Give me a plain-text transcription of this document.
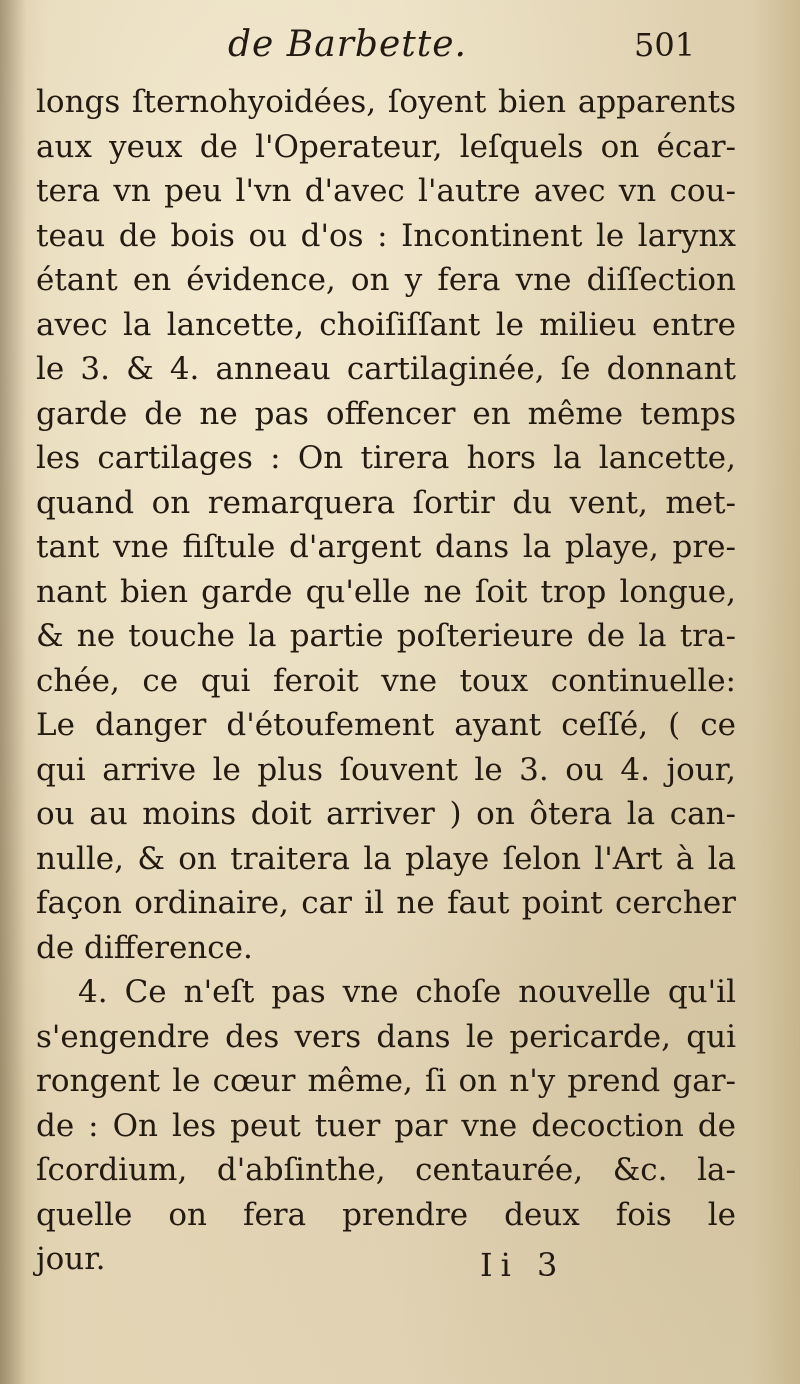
de Barbette.	501
longs ſternohyoidées, ſoyent bien apparents
aux yeux de l'Operateur, leſquels on écar-
tera vn peu l'vn d'avec l'autre avec vn cou-
teau de bois ou d'os : Incontinent le larynx
étant en évidence, on y fera vne diſſection
avec la lancette, choiſiſſant le milieu entre
le 3. & 4. anneau cartilaginée, ſe donnant
garde de ne pas offencer en même temps
les cartilages : On tirera hors la lancette,
quand on remarquera ſortir du vent, met-
tant vne fiſtule d'argent dans la playe, pre-
nant bien garde qu'elle ne ſoit trop longue,
& ne touche la partie poſterieure de la tra-
chée, ce qui feroit vne toux continuelle:
Le danger d'étoufement ayant ceſſé, ( ce
qui arrive le plus ſouvent le 3. ou 4. jour,
ou au moins doit arriver ) on ôtera la can-
nulle, & on traitera la playe ſelon l'Art à la
façon ordinaire, car il ne faut point cercher
de difference.
4. Ce n'eſt pas vne choſe nouvelle qu'il
s'engendre des vers dans le pericarde, qui
rongent le cœur même, ſi on n'y prend gar-
de : On les peut tuer par vne decoction de
ſcordium, d'abſinthe, centaurée, &c. la-
quelle on fera prendre deux fois le
jour.	Ii 3
